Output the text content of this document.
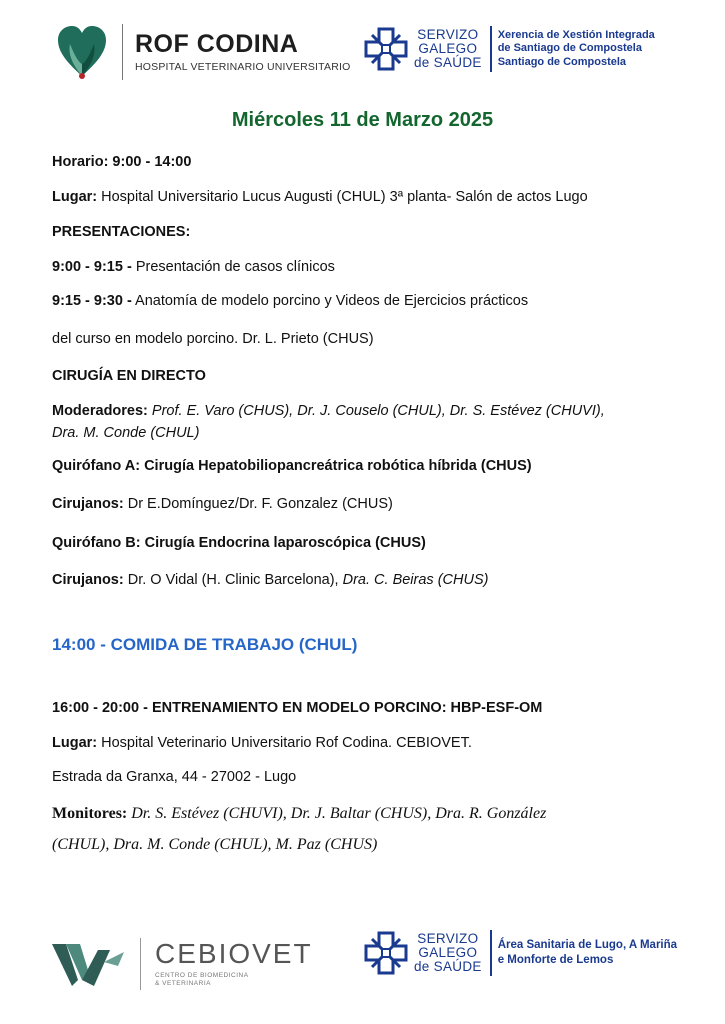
ROF CODINA
HOSPITAL VETERINARIO UNIVERSITARIO
SERVIZO
GALEGO
de SAÚDE
Xerencia de Xestión Integrada
de Santiago de Compostela
Santiago de Compostela
Miércoles 11 de Marzo 2025
Horario: 9:00 - 14:00
Lugar: Hospital Universitario Lucus Augusti (CHUL) 3ª planta- Salón de actos Lugo
PRESENTACIONES:
9:00 - 9:15 - Presentación de casos clínicos
9:15 - 9:30 - Anatomía de modelo porcino y Videos de Ejercicios prácticos
del curso en modelo porcino. Dr. L. Prieto (CHUS)
CIRUGÍA EN DIRECTO
Moderadores: Prof. E. Varo (CHUS), Dr. J. Couselo (CHUL), Dr. S. Estévez (CHUVI),
Dra. M. Conde (CHUL)
Quirófano A: Cirugía Hepatobiliopancreátrica robótica híbrida (CHUS)
Cirujanos: Dr E.Domínguez/Dr. F. Gonzalez (CHUS)
Quirófano B: Cirugía Endocrina laparoscópica (CHUS)
Cirujanos: Dr. O Vidal (H. Clinic Barcelona), Dra. C. Beiras (CHUS)
14:00 - COMIDA DE TRABAJO (CHUL)
16:00 - 20:00 - ENTRENAMIENTO EN MODELO PORCINO: HBP-ESF-OM
Lugar: Hospital Veterinario Universitario Rof Codina. CEBIOVET.
Estrada da Granxa, 44 - 27002 - Lugo
Monitores: Dr. S. Estévez (CHUVI), Dr. J. Baltar (CHUS), Dra. R. González
(CHUL), Dra. M. Conde (CHUL), M. Paz (CHUS)
CEBIOVET
CENTRO DE BIOMEDICINA
& VETERINARIA
SERVIZO
GALEGO
de SAÚDE
Área Sanitaria de Lugo, A Mariña
e Monforte de Lemos
